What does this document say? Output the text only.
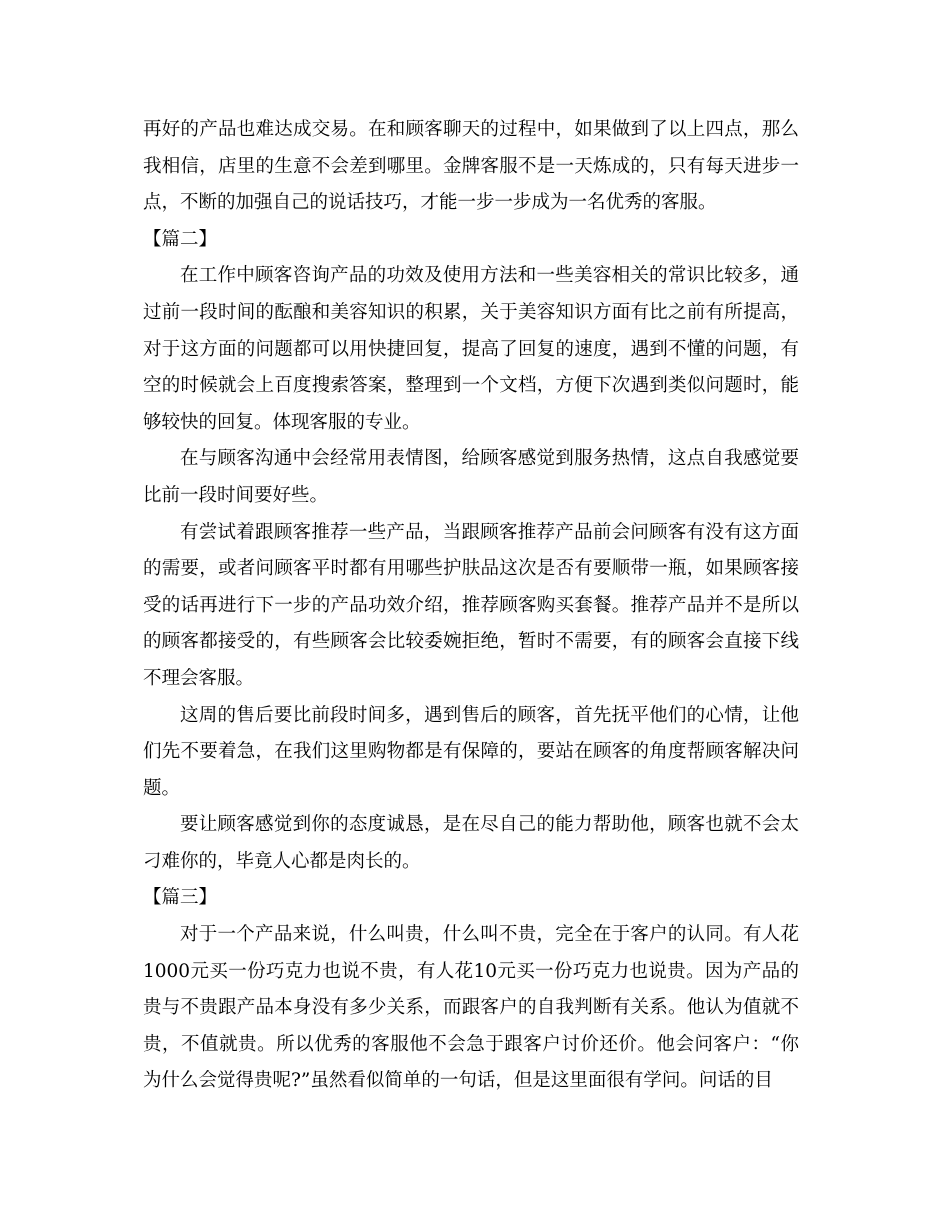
再好的产品也难达成交易。在和顾客聊天的过程中，如果做到了以上四点，那么我相信，店里的生意不会差到哪里。金牌客服不是一天炼成的，只有每天进步一点，不断的加强自己的说话技巧，才能一步一步成为一名优秀的客服。

【篇二】

在工作中顾客咨询产品的功效及使用方法和一些美容相关的常识比较多，通过前一段时间的酝酿和美容知识的积累，关于美容知识方面有比之前有所提高，对于这方面的问题都可以用快捷回复，提高了回复的速度，遇到不懂的问题，有空的时候就会上百度搜索答案，整理到一个文档，方便下次遇到类似问题时，能够较快的回复。体现客服的专业。

在与顾客沟通中会经常用表情图，给顾客感觉到服务热情，这点自我感觉要比前一段时间要好些。

有尝试着跟顾客推荐一些产品，当跟顾客推荐产品前会问顾客有没有这方面的需要，或者问顾客平时都有用哪些护肤品这次是否有要顺带一瓶，如果顾客接受的话再进行下一步的产品功效介绍，推荐顾客购买套餐。推荐产品并不是所以的顾客都接受的，有些顾客会比较委婉拒绝，暂时不需要，有的顾客会直接下线不理会客服。

这周的售后要比前段时间多，遇到售后的顾客，首先抚平他们的心情，让他们先不要着急，在我们这里购物都是有保障的，要站在顾客的角度帮顾客解决问题。

要让顾客感觉到你的态度诚恳，是在尽自己的能力帮助他，顾客也就不会太刁难你的，毕竟人心都是肉长的。

【篇三】

对于一个产品来说，什么叫贵，什么叫不贵，完全在于客户的认同。有人花1000元买一份巧克力也说不贵，有人花10元买一份巧克力也说贵。因为产品的贵与不贵跟产品本身没有多少关系，而跟客户的自我判断有关系。他认为值就不贵，不值就贵。所以优秀的客服他不会急于跟客户讨价还价。他会问客户：“你为什么会觉得贵呢?”虽然看似简单的一句话，但是这里面很有学问。问话的目
